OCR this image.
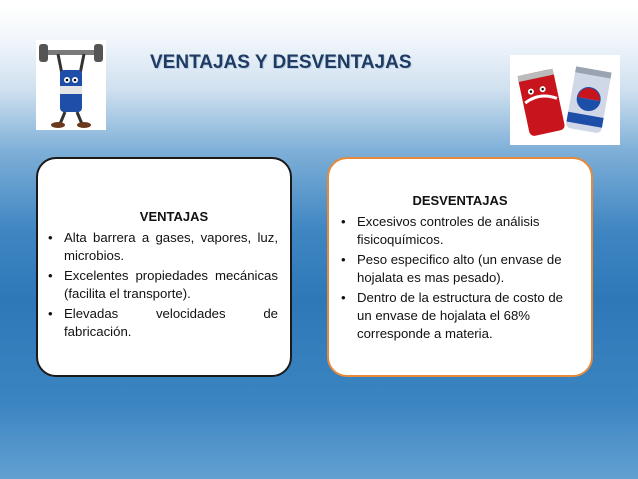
VENTAJAS Y DESVENTAJAS
VENTAJAS
• Alta barrera a gases, vapores, luz, microbios.
• Excelentes propiedades mecánicas (facilita el transporte).
• Elevadas velocidades de fabricación.
DESVENTAJAS
• Excesivos controles de análisis fisicoquímicos.
• Peso especifico alto (un envase de hojalata es mas pesado).
• Dentro de la estructura de costo de un envase de hojalata el 68% corresponde a materia.
